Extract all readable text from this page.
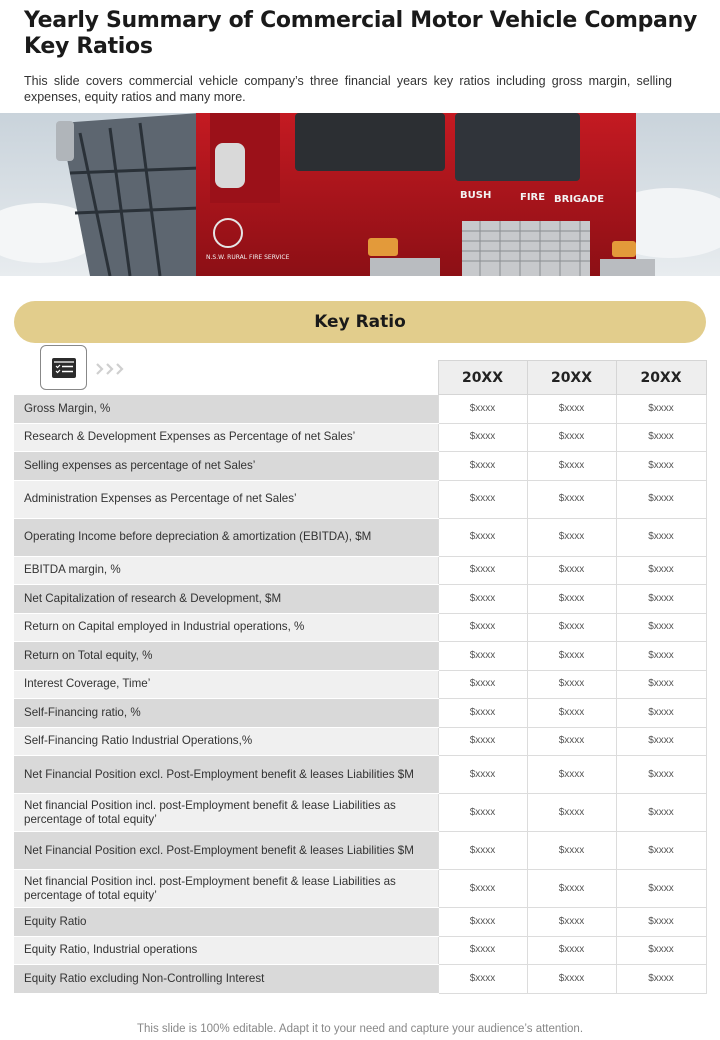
Yearly Summary of Commercial Motor Vehicle Company Key Ratios
This slide covers commercial vehicle company’s three financial years key ratios including gross margin, selling expenses, equity ratios and many more.
BUSH	FIRE BRIGADE
N.S.W. RURAL FIRE SERVICE
Key Ratio
	20XX	20XX	20XX
Gross Margin, %	$xxxx	$xxxx	$xxxx
Research & Development Expenses as Percentage of net Sales’	$xxxx	$xxxx	$xxxx
Selling expenses as percentage of net Sales’	$xxxx	$xxxx	$xxxx
Administration Expenses as Percentage of net Sales’	$xxxx	$xxxx	$xxxx
Operating Income before depreciation & amortization (EBITDA), $M	$xxxx	$xxxx	$xxxx
EBITDA margin, %	$xxxx	$xxxx	$xxxx
Net Capitalization of research & Development, $M	$xxxx	$xxxx	$xxxx
Return on Capital employed in Industrial operations, %	$xxxx	$xxxx	$xxxx
Return on Total equity, %	$xxxx	$xxxx	$xxxx
Interest Coverage, Time’	$xxxx	$xxxx	$xxxx
Self-Financing ratio, %	$xxxx	$xxxx	$xxxx
Self-Financing Ratio Industrial Operations,%	$xxxx	$xxxx	$xxxx
Net Financial Position excl. Post-Employment benefit & leases Liabilities $M	$xxxx	$xxxx	$xxxx
Net financial Position incl. post-Employment benefit & lease Liabilities as percentage of total equity’	$xxxx	$xxxx	$xxxx
Net Financial Position excl. Post-Employment benefit & leases Liabilities $M	$xxxx	$xxxx	$xxxx
Net financial Position incl. post-Employment benefit & lease Liabilities as percentage of total equity’	$xxxx	$xxxx	$xxxx
Equity Ratio	$xxxx	$xxxx	$xxxx
Equity Ratio, Industrial operations	$xxxx	$xxxx	$xxxx
Equity Ratio excluding Non-Controlling Interest	$xxxx	$xxxx	$xxxx
This slide is 100% editable. Adapt it to your need and capture your audience’s attention.
